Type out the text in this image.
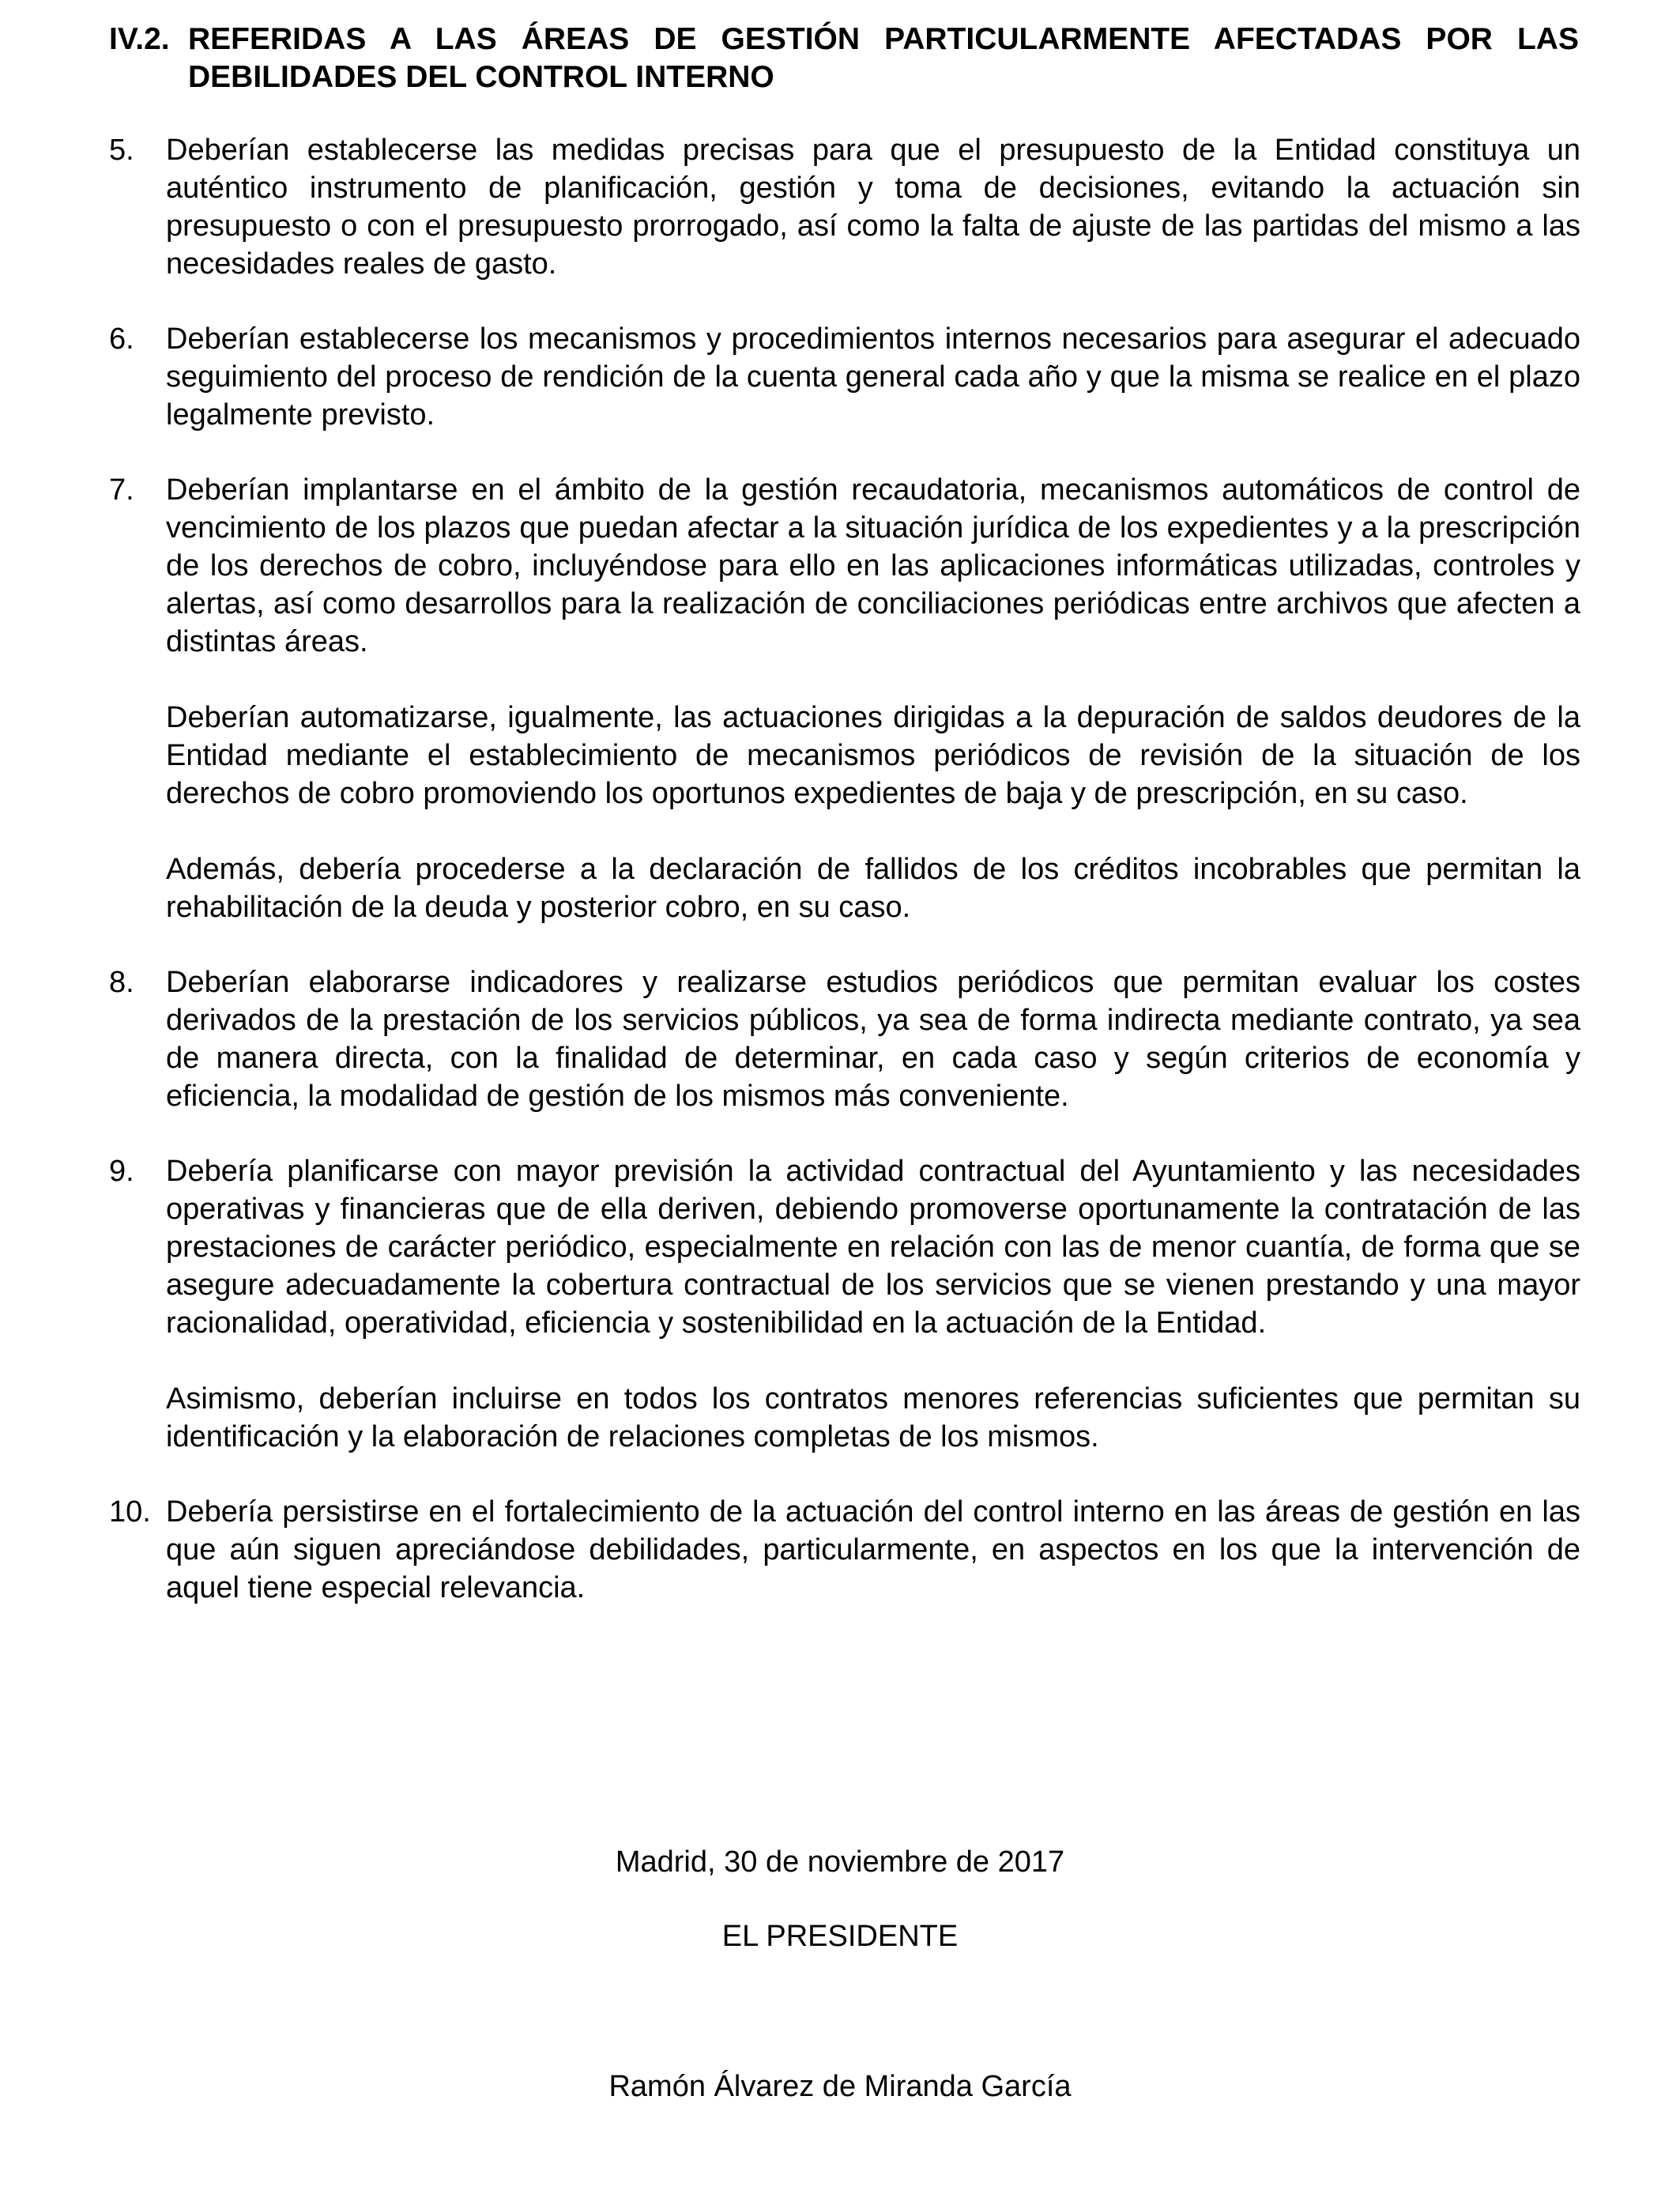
IV.2. REFERIDAS A LAS ÁREAS DE GESTIÓN PARTICULARMENTE AFECTADAS POR LAS DEBILIDADES DEL CONTROL INTERNO
5.	Deberían establecerse las medidas precisas para que el presupuesto de la Entidad constituya un auténtico instrumento de planificación, gestión y toma de decisiones, evitando la actuación sin presupuesto o con el presupuesto prorrogado, así como la falta de ajuste de las partidas del mismo a las necesidades reales de gasto.

6.	Deberían establecerse los mecanismos y procedimientos internos necesarios para asegurar el adecuado seguimiento del proceso de rendición de la cuenta general cada año y que la misma se realice en el plazo legalmente previsto.

7.	Deberían implantarse en el ámbito de la gestión recaudatoria, mecanismos automáticos de control de vencimiento de los plazos que puedan afectar a la situación jurídica de los expedientes y a la prescripción de los derechos de cobro, incluyéndose para ello en las aplicaciones informáticas utilizadas, controles y alertas, así como desarrollos para la realización de conciliaciones periódicas entre archivos que afecten a distintas áreas.

Deberían automatizarse, igualmente, las actuaciones dirigidas a la depuración de saldos deudores de la Entidad mediante el establecimiento de mecanismos periódicos de revisión de la situación de los derechos de cobro promoviendo los oportunos expedientes de baja y de prescripción, en su caso.

Además, debería procederse a la declaración de fallidos de los créditos incobrables que permitan la rehabilitación de la deuda y posterior cobro, en su caso.

8.	Deberían elaborarse indicadores y realizarse estudios periódicos que permitan evaluar los costes derivados de la prestación de los servicios públicos, ya sea de forma indirecta mediante contrato, ya sea de manera directa, con la finalidad de determinar, en cada caso y según criterios de economía y eficiencia, la modalidad de gestión de los mismos más conveniente.

9.	Debería planificarse con mayor previsión la actividad contractual del Ayuntamiento y las necesidades operativas y financieras que de ella deriven, debiendo promoverse oportunamente la contratación de las prestaciones de carácter periódico, especialmente en relación con las de menor cuantía, de forma que se asegure adecuadamente la cobertura contractual de los servicios que se vienen prestando y una mayor racionalidad, operatividad, eficiencia y sostenibilidad en la actuación de la Entidad.

Asimismo, deberían incluirse en todos los contratos menores referencias suficientes que permitan su identificación y la elaboración de relaciones completas de los mismos.

10. Debería persistirse en el fortalecimiento de la actuación del control interno en las áreas de gestión en las que aún siguen apreciándose debilidades, particularmente, en aspectos en los que la intervención de aquel tiene especial relevancia.

Madrid, 30 de noviembre de 2017
EL PRESIDENTE
Ramón Álvarez de Miranda García
